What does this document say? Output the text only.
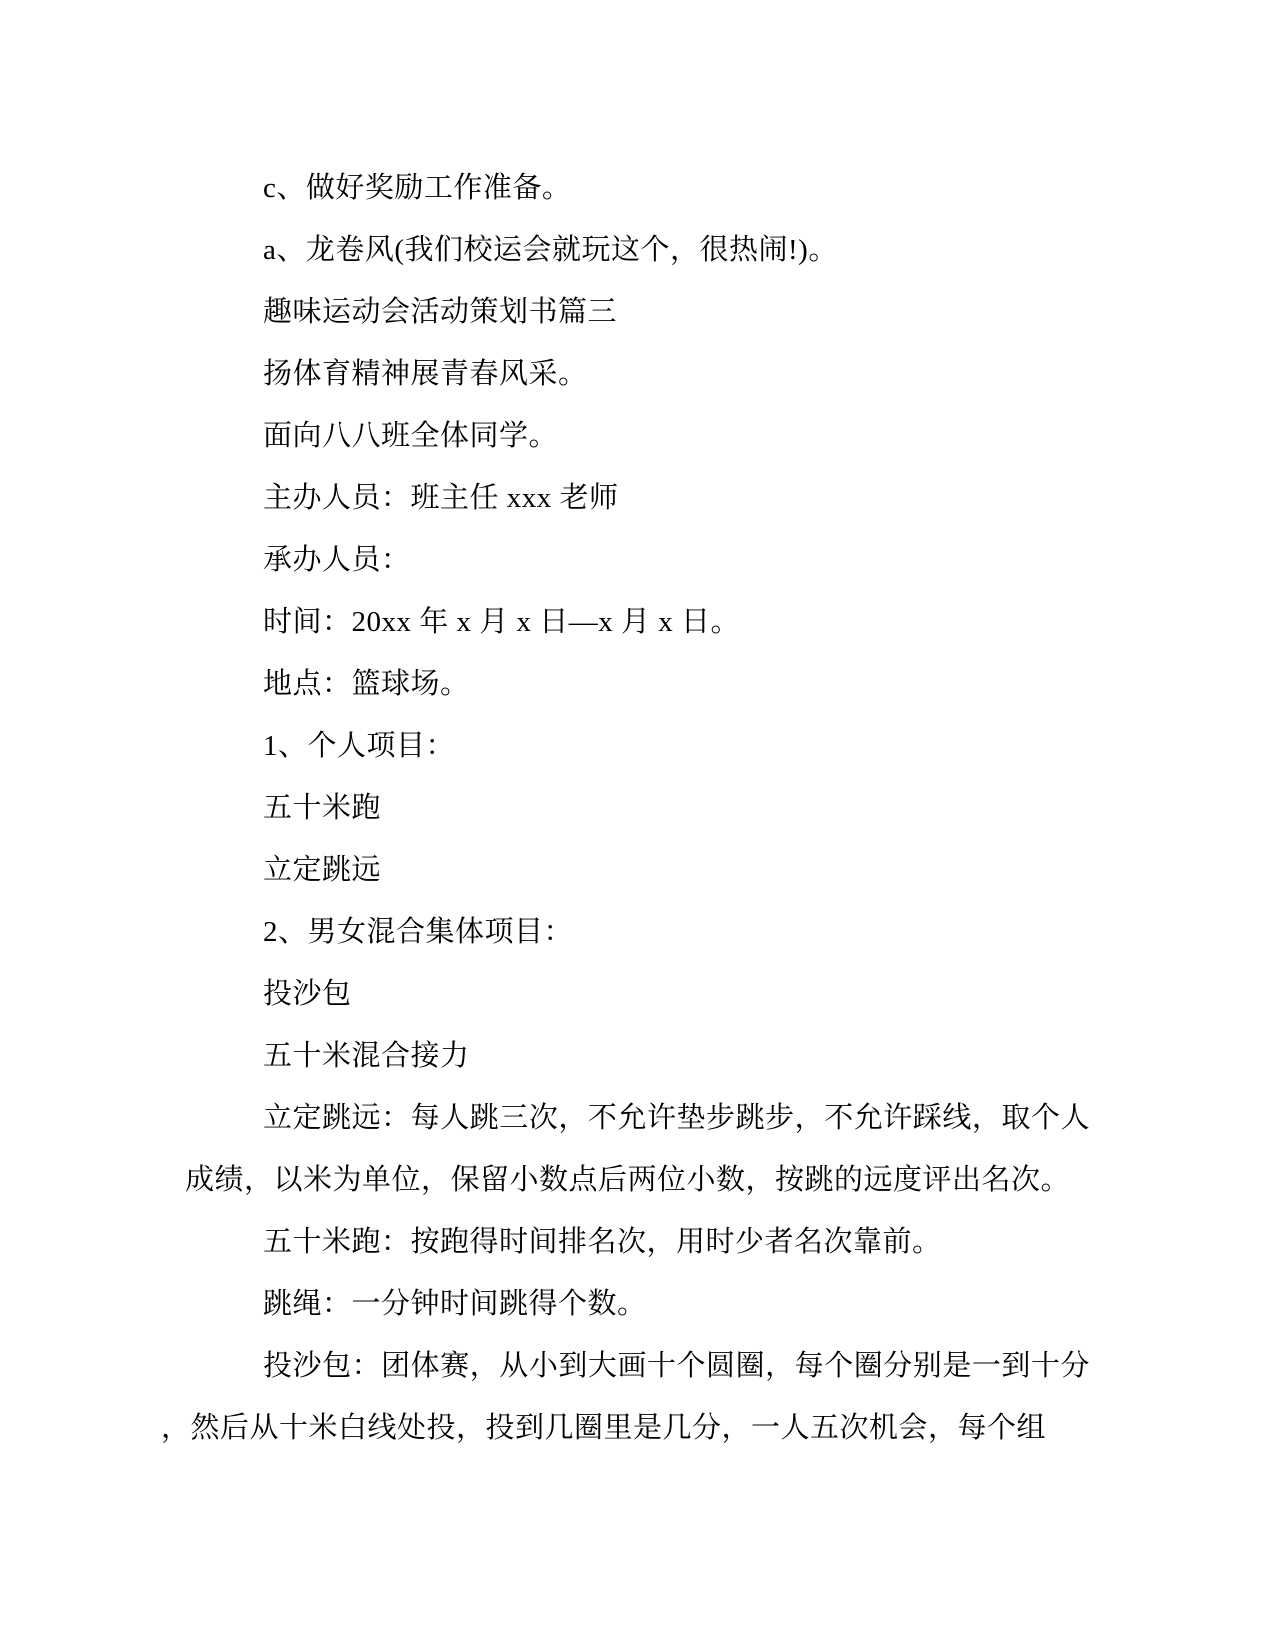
c、做好奖励工作准备。
a、龙卷风(我们校运会就玩这个，很热闹!)。
趣味运动会活动策划书篇三
扬体育精神展青春风采。
面向八八班全体同学。
主办人员：班主任 xxx 老师
承办人员：
时间：20xx 年 x 月 x 日—x 月 x 日。
地点：篮球场。
1、个人项目：
五十米跑
立定跳远
2、男女混合集体项目：
投沙包
五十米混合接力
立定跳远：每人跳三次，不允许垫步跳步，不允许踩线，取个人
成绩，以米为单位，保留小数点后两位小数，按跳的远度评出名次。
五十米跑：按跑得时间排名次，用时少者名次靠前。
跳绳：一分钟时间跳得个数。
投沙包：团体赛，从小到大画十个圆圈，每个圈分别是一到十分
，然后从十米白线处投，投到几圈里是几分，一人五次机会，每个组
